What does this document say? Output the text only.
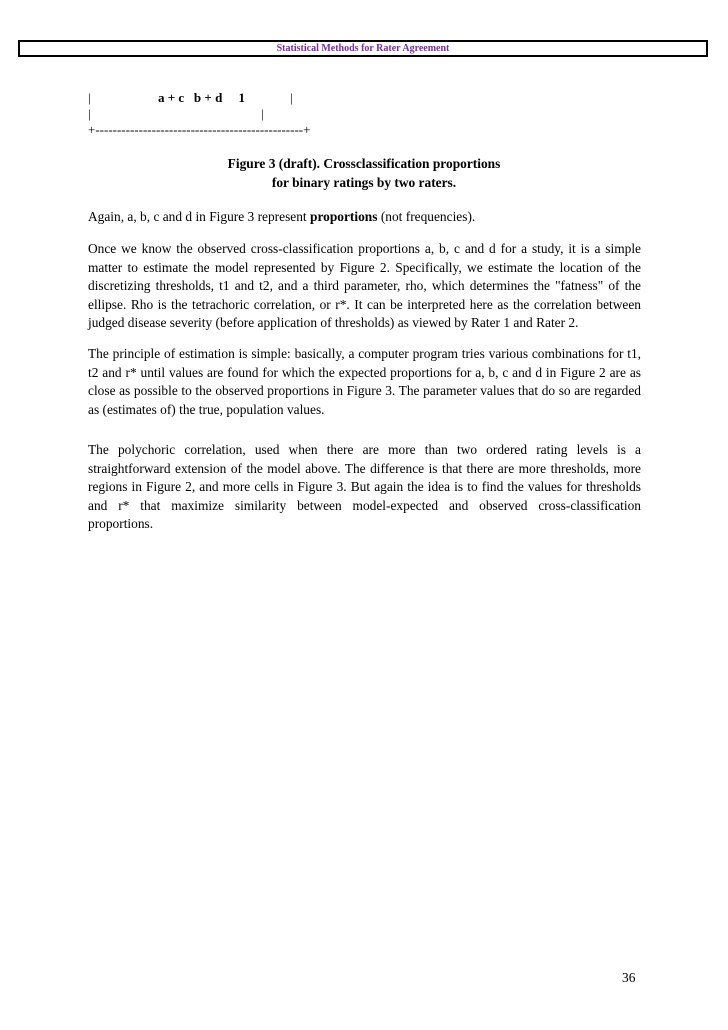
Statistical Methods for Rater Agreement
|	a + c   b + d     1	|
|	|
+------------------------------------------------+
Figure 3 (draft). Crossclassification proportions
for binary ratings by two raters.

Again, a, b, c and d in Figure 3 represent proportions (not frequencies).

Once we know the observed cross-classification proportions a, b, c and d for a study, it is a simple matter to estimate the model represented by Figure 2. Specifically, we estimate the location of the discretizing thresholds, t1 and t2, and a third parameter, rho, which determines the "fatness" of the ellipse. Rho is the tetrachoric correlation, or r*. It can be interpreted here as the correlation between judged disease severity (before application of thresholds) as viewed by Rater 1 and Rater 2.

The principle of estimation is simple: basically, a computer program tries various combinations for t1, t2 and r* until values are found for which the expected proportions for a, b, c and d in Figure 2 are as close as possible to the observed proportions in Figure 3. The parameter values that do so are regarded as (estimates of) the true, population values.

The polychoric correlation, used when there are more than two ordered rating levels is a straightforward extension of the model above. The difference is that there are more thresholds, more regions in Figure 2, and more cells in Figure 3. But again the idea is to find the values for thresholds and r* that maximize similarity between model-expected and observed cross-classification proportions.

36
